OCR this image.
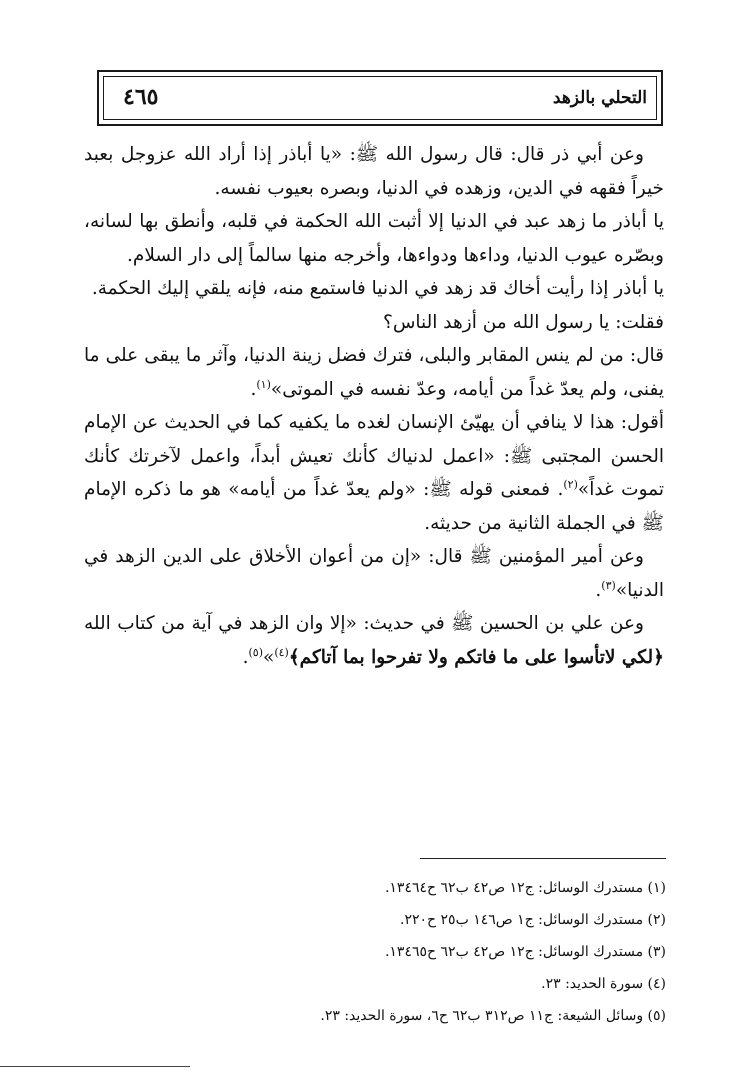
التحلي بالزهد
٤٦٥

وعن أبي ذر قال: قال رسول الله ﷺ: «يا أباذر إذا أراد الله عزوجل بعبد خيراً فقهه في الدين، وزهده في الدنيا، وبصره بعيوب نفسه.

يا أباذر ما زهد عبد في الدنيا إلا أثبت الله الحكمة في قلبه، وأنطق بها لسانه، وبصّره عيوب الدنيا، وداءها ودواءها، وأخرجه منها سالماً إلى دار السلام.

يا أباذر إذا رأيت أخاك قد زهد في الدنيا فاستمع منه، فإنه يلقي إليك الحكمة.

فقلت: يا رسول الله من أزهد الناس؟

قال: من لم ينس المقابر والبلى، فترك فضل زينة الدنيا، وآثر ما يبقى على ما يفنى، ولم يعدّ غداً من أيامه، وعدّ نفسه في الموتى»$^{(١)}$.

أقول: هذا لا ينافي أن يهيّئ الإنسان لغده ما يكفيه كما في الحديث عن الإمام الحسن المجتبى ﷺ: «اعمل لدنياك كأنك تعيش أبداً، واعمل لآخرتك كأنك تموت غداً»$^{(٢)}$. فمعنى قوله ﷺ: «ولم يعدّ غداً من أيامه» هو ما ذكره الإمام ﷺ في الجملة الثانية من حديثه.

وعن أمير المؤمنين ﷺ قال: «إن من أعوان الأخلاق على الدين الزهد في الدنيا»$^{(٣)}$.

وعن علي بن الحسين ﷺ في حديث: «إلا وان الزهد في آية من كتاب الله ﴿لكي لاتأسوا على ما فاتكم ولا تفرحوا بما آتاكم﴾$^{(٤)}$»$^{(٥)}$.

(١) مستدرك الوسائل: ج١٢ ص٤٢ ب٦٢ ح١٣٤٦٤.

(٢) مستدرك الوسائل: ج١ ص١٤٦ ب٢٥ ح٢٢٠.

(٣) مستدرك الوسائل: ج١٢ ص٤٢ ب٦٢ ح١٣٤٦٥.

(٤) سورة الحديد: ٢٣.

(٥) وسائل الشيعة: ج١١ ص٣١٢ ب٦٢ ح٦، سورة الحديد: ٢٣.
